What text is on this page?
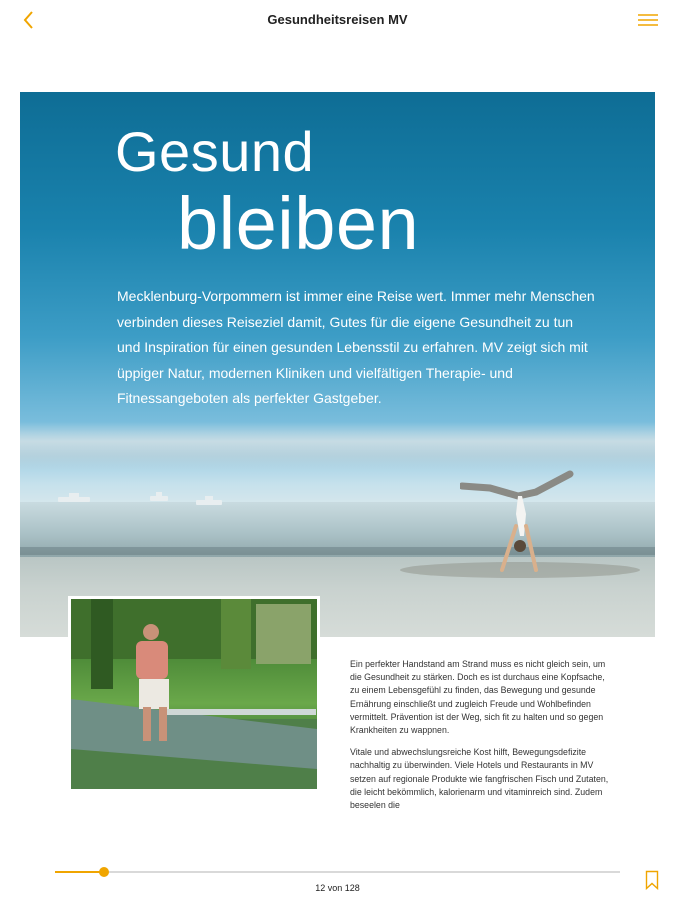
Gesundheitsreisen MV
Gesund
bleiben
Mecklenburg-Vorpommern ist immer eine Reise wert. Immer mehr Menschen verbinden dieses Reiseziel damit, Gutes für die eigene Gesundheit zu tun und Inspiration für einen gesunden Lebensstil zu erfahren. MV zeigt sich mit üppiger Natur, modernen Kliniken und vielfältigen Therapie- und Fitnessangeboten als perfekter Gastgeber.

Ein perfekter Handstand am Strand muss es nicht gleich sein, um die Gesundheit zu stärken. Doch es ist durchaus eine Kopfsache, zu einem Lebensgefühl zu finden, das Bewegung und gesunde Ernährung einschließt und zugleich Freude und Wohlbefinden vermittelt. Prävention ist der Weg, sich fit zu halten und so gegen Krankheiten zu wappnen.

Vitale und abwechslungsreiche Kost hilft, Bewegungsdefizite nachhaltig zu überwinden. Viele Hotels und Restaurants in MV setzen auf regionale Produkte wie fangfrischen Fisch und Zutaten, die leicht bekömmlich, kalorienarm und vitaminreich sind. Zudem beseelen die

12 von 128
